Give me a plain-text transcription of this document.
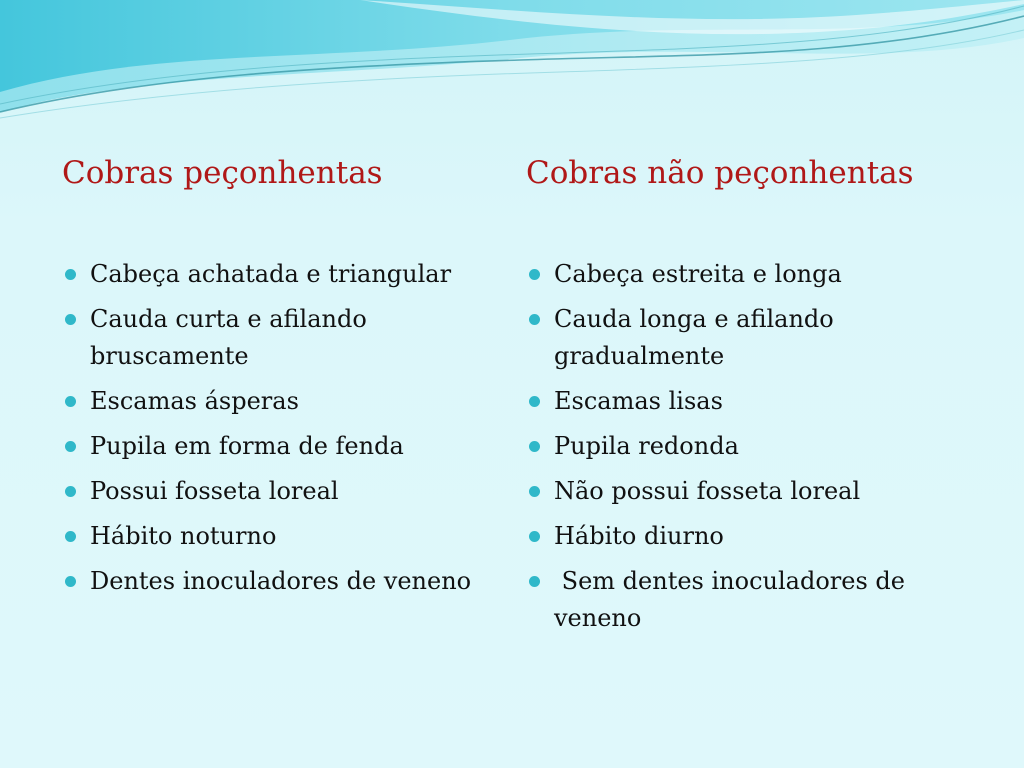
Cobras peçonhentas
Cabeça achatada e triangular
Cauda curta e afilando bruscamente
Escamas ásperas
Pupila em forma de fenda
Possui fosseta loreal
Hábito noturno
Dentes inoculadores de veneno
Cobras não peçonhentas
Cabeça estreita e longa
Cauda longa e afilando gradualmente
Escamas lisas
Pupila redonda
Não possui fosseta loreal
Hábito diurno
Sem dentes inoculadores de veneno
